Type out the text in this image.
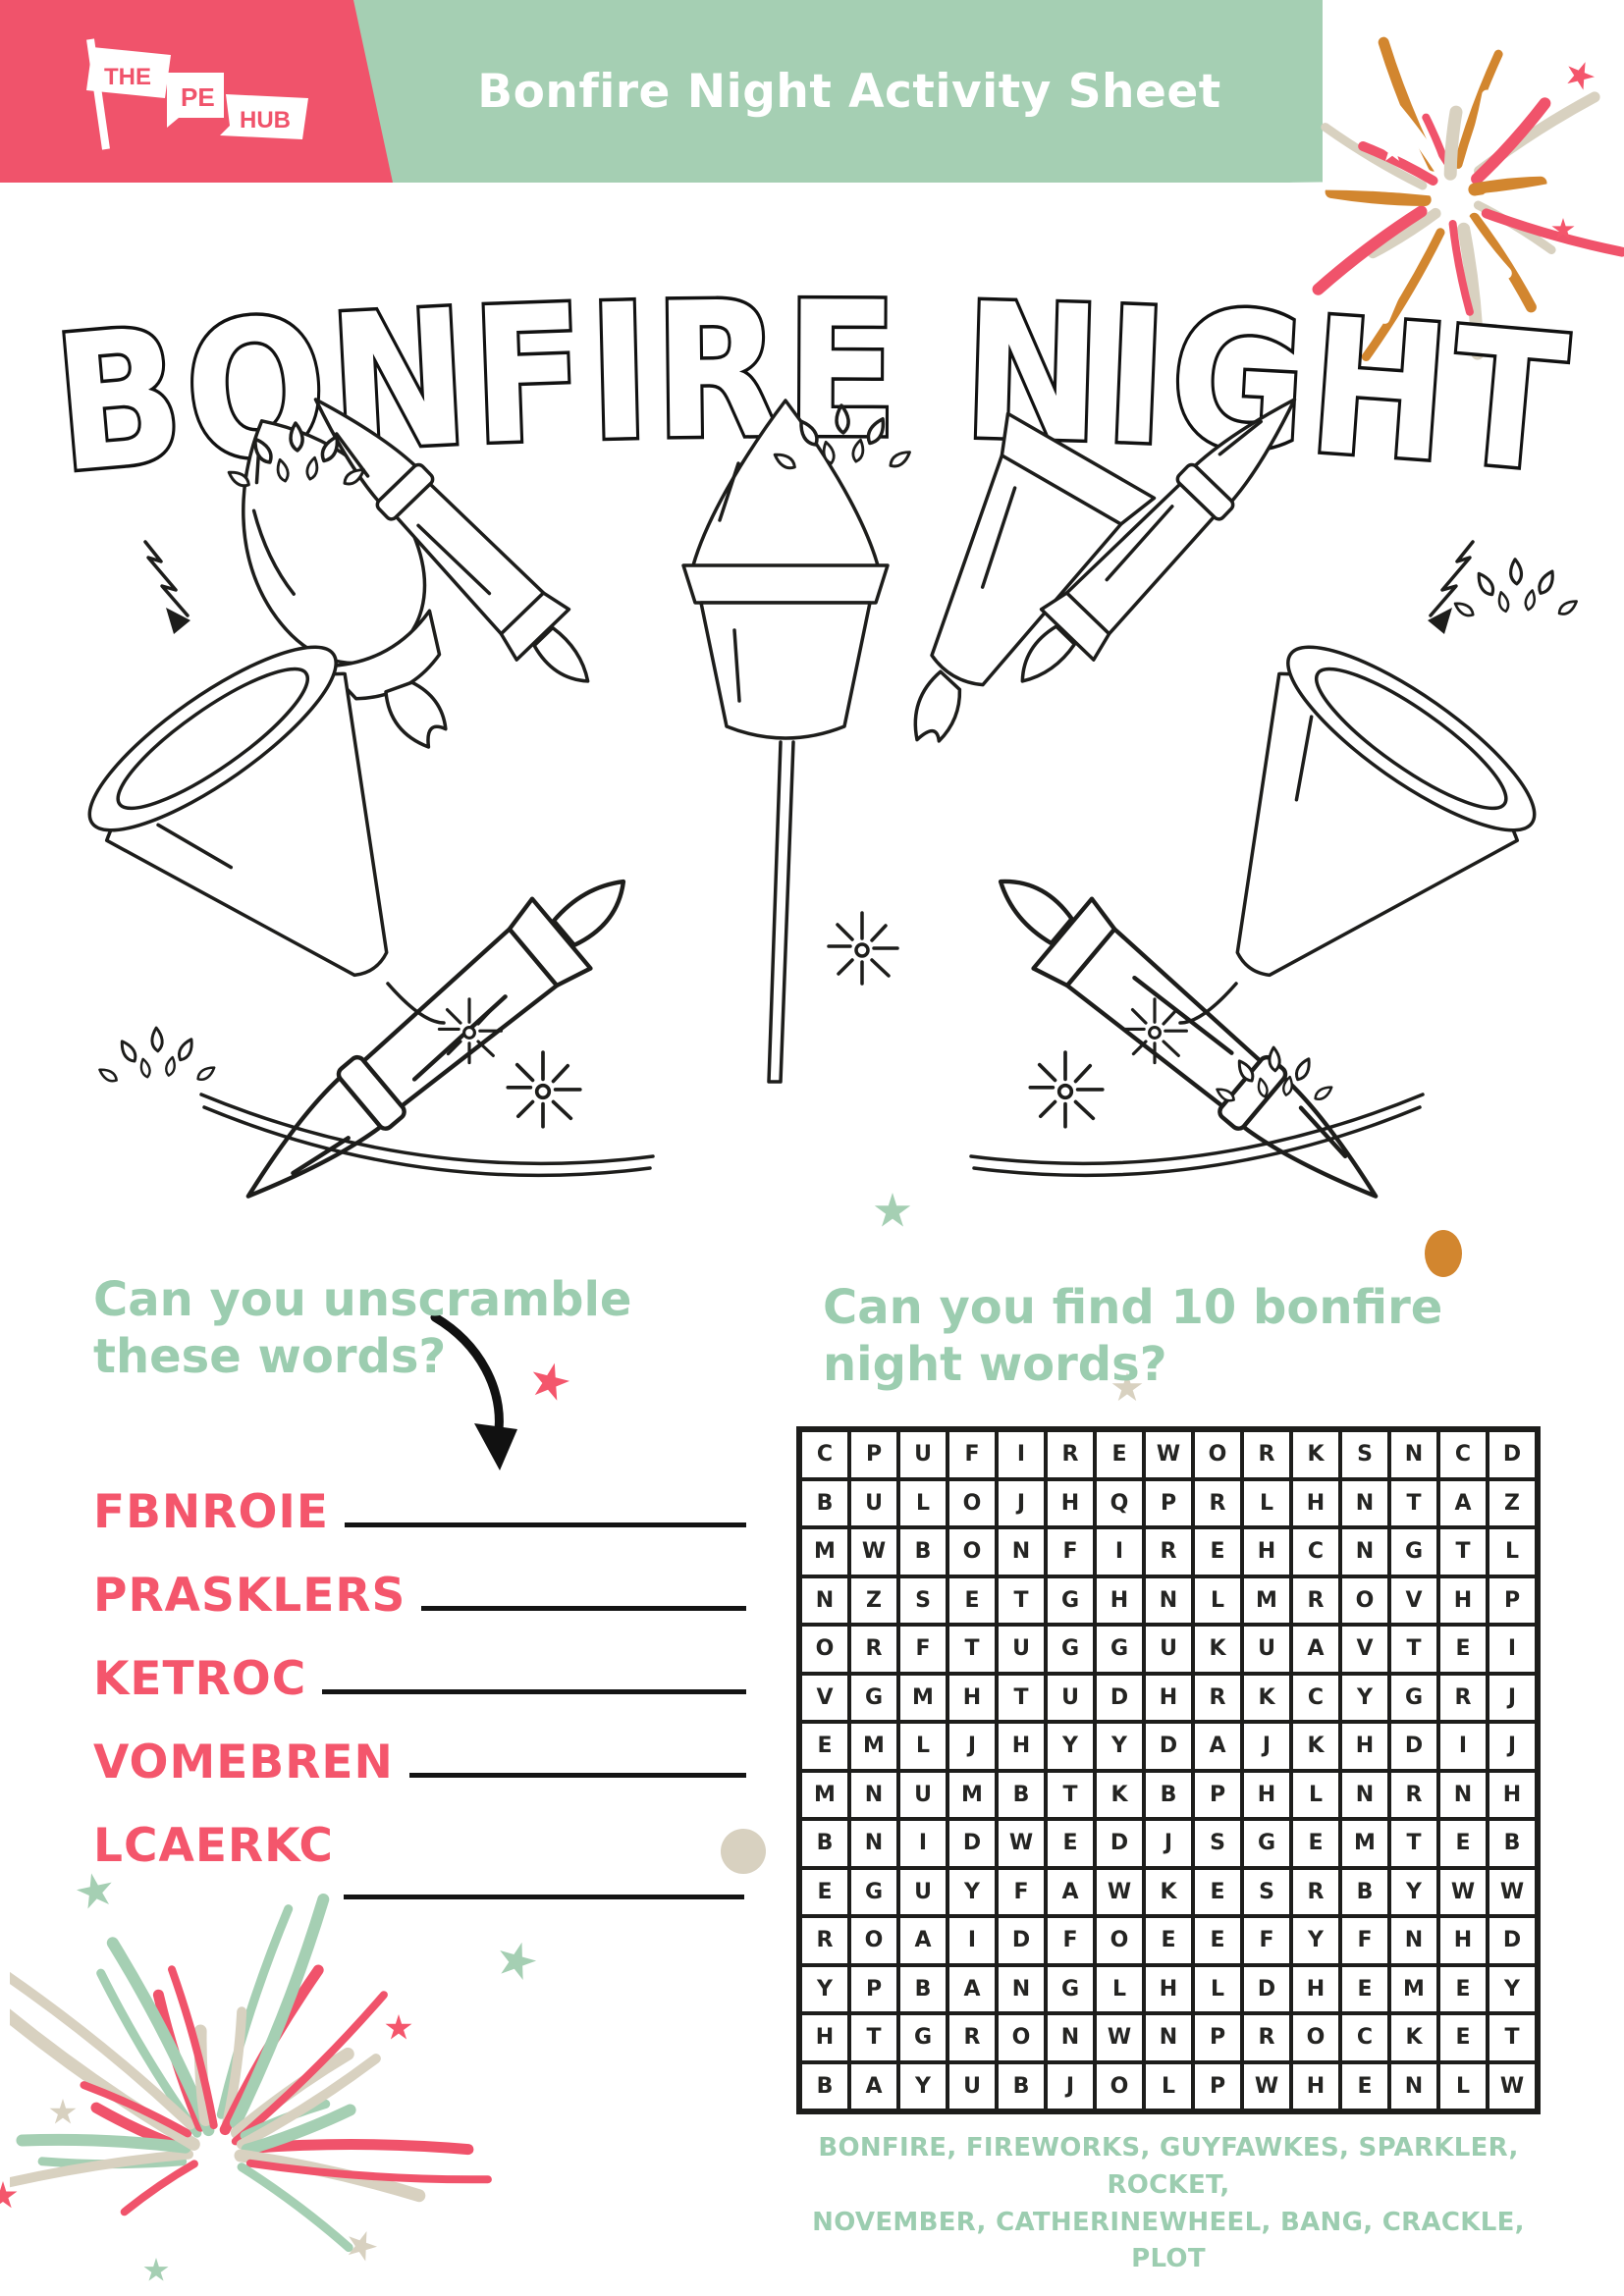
THE
PE
HUB
Bonfire Night Activity Sheet
BONFIRE NIGHT
Can you unscramble
these words?
FBNROIE
PRASKLERS
KETROC
VOMEBREN
LCAERKC
Can you find 10 bonfire
night words?
C	P	U	F	I	R	E	W	O	R	K	S	N	C	D
B	U	L	O	J	H	Q	P	R	L	H	N	T	A	Z
M	W	B	O	N	F	I	R	E	H	C	N	G	T	L
N	Z	S	E	T	G	H	N	L	M	R	O	V	H	P
O	R	F	T	U	G	G	U	K	U	A	V	T	E	I
V	G	M	H	T	U	D	H	R	K	C	Y	G	R	J
E	M	L	J	H	Y	Y	D	A	J	K	H	D	I	J
M	N	U	M	B	T	K	B	P	H	L	N	R	N	H
B	N	I	D	W	E	D	J	S	G	E	M	T	E	B
E	G	U	Y	F	A	W	K	E	S	R	B	Y	W	W
R	O	A	I	D	F	O	E	E	F	Y	F	N	H	D
Y	P	B	A	N	G	L	H	L	D	H	E	M	E	Y
H	T	G	R	O	N	W	N	P	R	O	C	K	E	T
B	A	Y	U	B	J	O	L	P	W	H	E	N	L	W
BONFIRE, FIREWORKS, GUYFAWKES, SPARKLER, ROCKET,
NOVEMBER, CATHERINEWHEEL, BANG, CRACKLE, PLOT
